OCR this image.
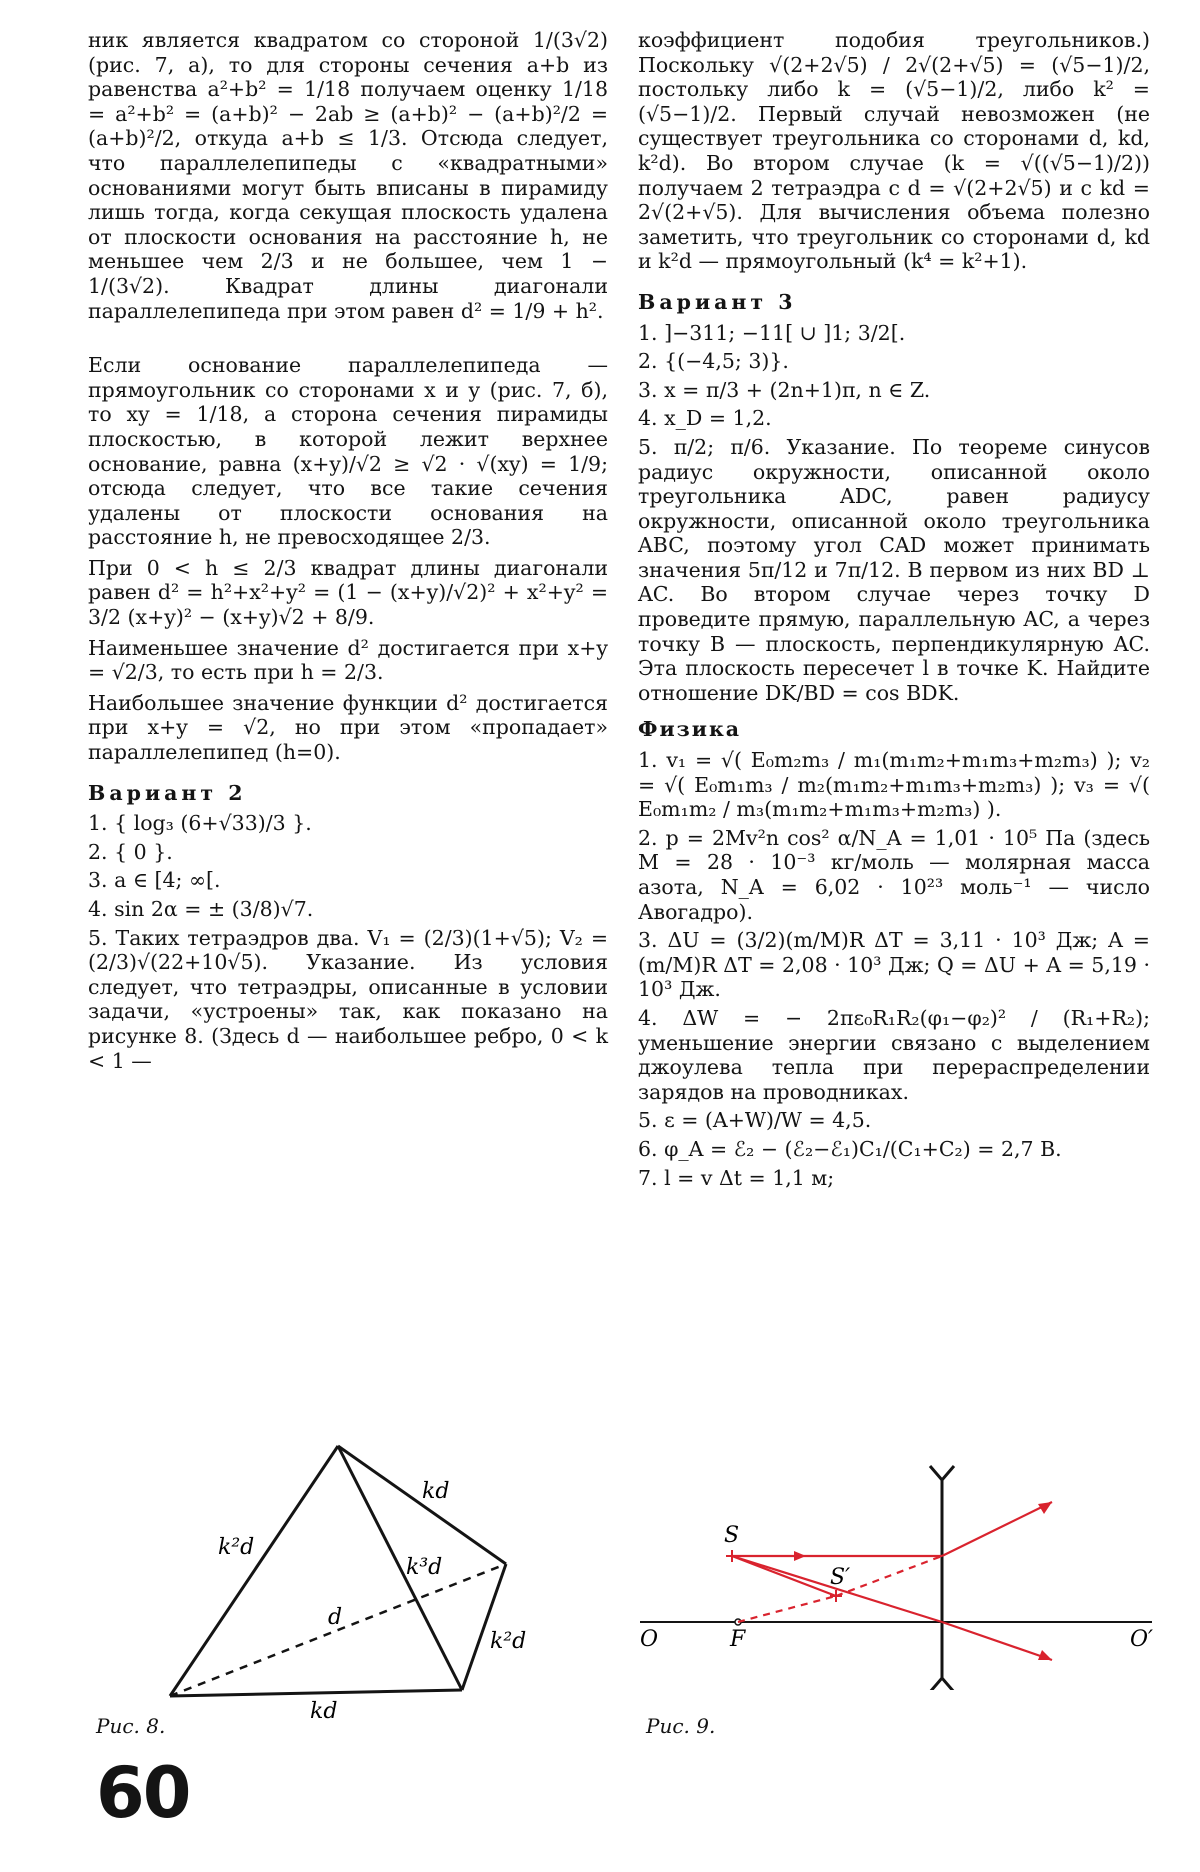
ник является квадратом со стороной 1/(3√2) (рис. 7, а), то для стороны сечения a+b из равенства a²+b² = 1/18 получаем оценку 1/18 = a²+b² = (a+b)² − 2ab ≥ (a+b)² − (a+b)²/2 = (a+b)²/2, откуда a+b ≤ 1/3. Отсюда следует, что параллелепипеды с «квадратными» основаниями могут быть вписаны в пирамиду лишь тогда, когда секущая плоскость удалена от плоскости основания на расстояние h, не меньшее чем 2/3 и не большее, чем 1 − 1/(3√2). Квадрат длины диагонали параллелепипеда при этом равен d² = 1/9 + h².

Если основание параллелепипеда — прямоугольник со сторонами x и y (рис. 7, б), то xy = 1/18, а сторона сечения пирамиды плоскостью, в которой лежит верхнее основание, равна (x+y)/√2 ≥ √2 · √(xy) = 1/9; отсюда следует, что все такие сечения удалены от плоскости основания на расстояние h, не превосходящее 2/3.

При 0 < h ≤ 2/3 квадрат длины диагонали равен d² = h²+x²+y² = (1 − (x+y)/√2)² + x²+y² = 3/2 (x+y)² − (x+y)√2 + 8/9.

Наименьшее значение d² достигается при x+y = √2/3, то есть при h = 2/3.

Наибольшее значение функции d² достигается при x+y = √2, но при этом «пропадает» параллелепипед (h=0).

Вариант 2

1. { log₃ (6+√33)/3 }.

2. { 0 }.

3. a ∈ [4; ∞[.

4. sin 2α = ± (3/8)√7.

5. Таких тетраэдров два. V₁ = (2/3)(1+√5); V₂ = (2/3)√(22+10√5). Указание. Из условия следует, что тетраэдры, описанные в условии задачи, «устроены» так, как показано на рисунке 8. (Здесь d — наибольшее ребро, 0 < k < 1 —

коэффициент подобия треугольников.) Поскольку √(2+2√5) / 2√(2+√5) = (√5−1)/2, постольку либо k = (√5−1)/2, либо k² = (√5−1)/2. Первый случай невозможен (не существует треугольника со сторонами d, kd, k²d). Во втором случае (k = √((√5−1)/2)) получаем 2 тетраэдра с d = √(2+2√5) и с kd = 2√(2+√5). Для вычисления объема полезно заметить, что треугольник со сторонами d, kd и k²d — прямоугольный (k⁴ = k²+1).

Вариант 3

1. ]−311; −11[ ∪ ]1; 3/2[.

2. {(−4,5; 3)}.

3. x = π/3 + (2n+1)π, n ∈ Z.

4. x_D = 1,2.

5. π/2; π/6. Указание. По теореме синусов радиус окружности, описанной около треугольника ADC, равен радиусу окружности, описанной около треугольника ABC, поэтому угол CAD может принимать значения 5π/12 и 7π/12. В первом из них BD ⊥ AC. Во втором случае через точку D проведите прямую, параллельную AC, а через точку B — плоскость, перпендикулярную AC. Эта плоскость пересечет l в точке K. Найдите отношение DK/BD = cos BDK.

Физика

1. v₁ = √( E₀m₂m₃ / m₁(m₁m₂+m₁m₃+m₂m₃) ); v₂ = √( E₀m₁m₃ / m₂(m₁m₂+m₁m₃+m₂m₃) ); v₃ = √( E₀m₁m₂ / m₃(m₁m₂+m₁m₃+m₂m₃) ).

2. p = 2Mv²n cos² α/N_A = 1,01 · 10⁵ Па (здесь M = 28 · 10⁻³ кг/моль — молярная масса азота, N_A = 6,02 · 10²³ моль⁻¹ — число Авогадро).

3. ΔU = (3/2)(m/M)R ΔT = 3,11 · 10³ Дж; A = (m/M)R ΔT = 2,08 · 10³ Дж; Q = ΔU + A = 5,19 · 10³ Дж.

4. ΔW = − 2πε₀R₁R₂(φ₁−φ₂)² / (R₁+R₂); уменьшение энергии связано с выделением джоулева тепла при перераспределении зарядов на проводниках.

5. ε = (A+W)/W = 4,5.

6. φ_A = ℰ₂ − (ℰ₂−ℰ₁)C₁/(C₁+C₂) = 2,7 В.

7. l = v Δt = 1,1 м;

kd
k²d
k³d
d
k²d
kd
Рис. 8.
S
S′
O	F	O′
Рис. 9.
60
